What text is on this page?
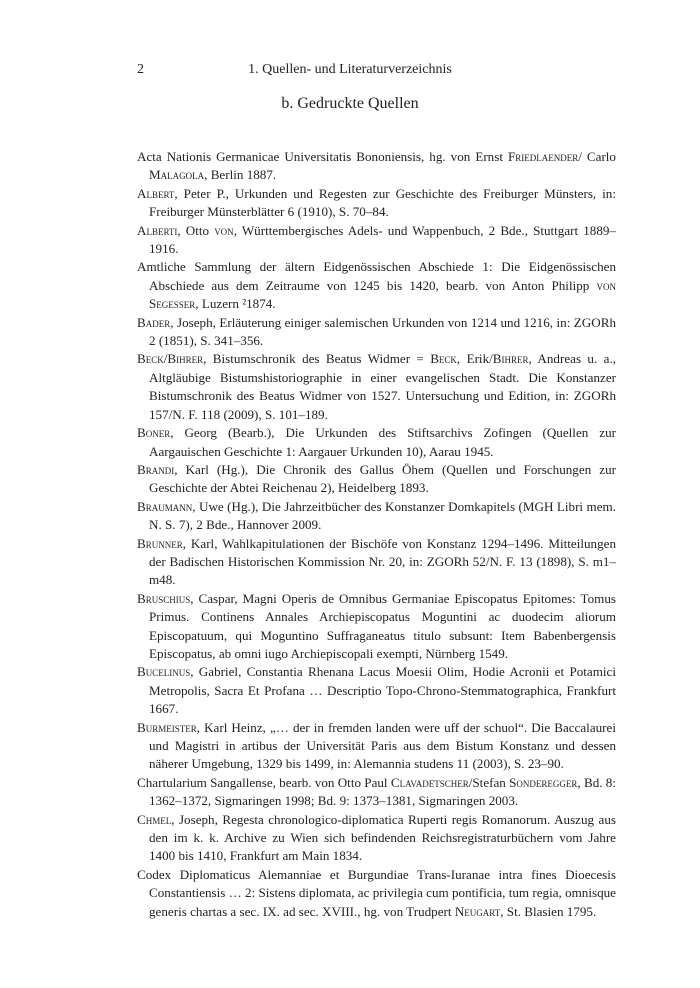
2	1. Quellen- und Literaturverzeichnis
b. Gedruckte Quellen

Acta Nationis Germanicae Universitatis Bononiensis, hg. von Ernst Friedlaender/ Carlo Malagola, Berlin 1887.

Albert, Peter P., Urkunden und Regesten zur Geschichte des Freiburger Münsters, in: Freiburger Münsterblätter 6 (1910), S. 70–84.

Alberti, Otto von, Württembergisches Adels- und Wappenbuch, 2 Bde., Stuttgart 1889–1916.

Amtliche Sammlung der ältern Eidgenössischen Abschiede 1: Die Eidgenössischen Abschiede aus dem Zeitraume von 1245 bis 1420, bearb. von Anton Philipp von Segesser, Luzern ²1874.

Bader, Joseph, Erläuterung einiger salemischen Urkunden von 1214 und 1216, in: ZGORh 2 (1851), S. 341–356.

Beck/Bihrer, Bistumschronik des Beatus Widmer = Beck, Erik/Bihrer, Andreas u. a., Altgläubige Bistumshistoriographie in einer evangelischen Stadt. Die Konstanzer Bistumschronik des Beatus Widmer von 1527. Untersuchung und Edition, in: ZGORh 157/N. F. 118 (2009), S. 101–189.

Boner, Georg (Bearb.), Die Urkunden des Stiftsarchivs Zofingen (Quellen zur Aargauischen Geschichte 1: Aargauer Urkunden 10), Aarau 1945.

Brandi, Karl (Hg.), Die Chronik des Gallus Öhem (Quellen und Forschungen zur Geschichte der Abtei Reichenau 2), Heidelberg 1893.

Braumann, Uwe (Hg.), Die Jahrzeitbücher des Konstanzer Domkapitels (MGH Libri mem. N. S. 7), 2 Bde., Hannover 2009.

Brunner, Karl, Wahlkapitulationen der Bischöfe von Konstanz 1294–1496. Mitteilungen der Badischen Historischen Kommission Nr. 20, in: ZGORh 52/N. F. 13 (1898), S. m1–m48.

Bruschius, Caspar, Magni Operis de Omnibus Germaniae Episcopatus Epitomes: Tomus Primus. Continens Annales Archiepiscopatus Moguntini ac duodecim aliorum Episcopatuum, qui Moguntino Suffraganeatus titulo subsunt: Item Babenbergensis Episcopatus, ab omni iugo Archiepiscopali exempti, Nürnberg 1549.

Bucelinus, Gabriel, Constantia Rhenana Lacus Moesii Olim, Hodie Acronii et Potamici Metropolis, Sacra Et Profana … Descriptio Topo-Chrono-Stemmatographica, Frankfurt 1667.

Burmeister, Karl Heinz, „… der in fremden landen were uff der schuol“. Die Baccalaurei und Magistri in artibus der Universität Paris aus dem Bistum Konstanz und dessen näherer Umgebung, 1329 bis 1499, in: Alemannia studens 11 (2003), S. 23–90.

Chartularium Sangallense, bearb. von Otto Paul Clavadetscher/Stefan Sonderegger, Bd. 8: 1362–1372, Sigmaringen 1998; Bd. 9: 1373–1381, Sigmaringen 2003.

Chmel, Joseph, Regesta chronologico-diplomatica Ruperti regis Romanorum. Auszug aus den im k. k. Archive zu Wien sich befindenden Reichsregistraturbüchern vom Jahre 1400 bis 1410, Frankfurt am Main 1834.

Codex Diplomaticus Alemanniae et Burgundiae Trans-Iuranae intra fines Dioecesis Constantiensis … 2: Sistens diplomata, ac privilegia cum pontificia, tum regia, omnisque generis chartas a sec. IX. ad sec. XVIII., hg. von Trudpert Neugart, St. Blasien 1795.
